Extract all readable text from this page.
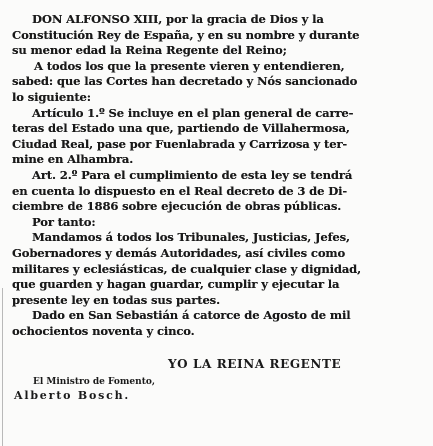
DON ALFONSO XIII, por la gracia de Dios y la
Constitución Rey de España, y en su nombre y durante
su menor edad la Reina Regente del Reino;
A todos los que la presente vieren y entendieren,
sabed: que las Cortes han decretado y Nós sancionado
lo siguiente:
Artículo 1.º Se incluye en el plan general de carre-
teras del Estado una que, partiendo de Villahermosa,
Ciudad Real, pase por Fuenlabrada y Carrizosa y ter-
mine en Alhambra.
Art. 2.º Para el cumplimiento de esta ley se tendrá
en cuenta lo dispuesto en el Real decreto de 3 de Di-
ciembre de 1886 sobre ejecución de obras públicas.
Por tanto:
Mandamos á todos los Tribunales, Justicias, Jefes,
Gobernadores y demás Autoridades, así civiles como
militares y eclesiásticas, de cualquier clase y dignidad,
que guarden y hagan guardar, cumplir y ejecutar la
presente ley en todas sus partes.
Dado en San Sebastián á catorce de Agosto de mil
ochocientos noventa y cinco.
YO LA REINA REGENTE
El Ministro de Fomento,
Alberto Bosch.
